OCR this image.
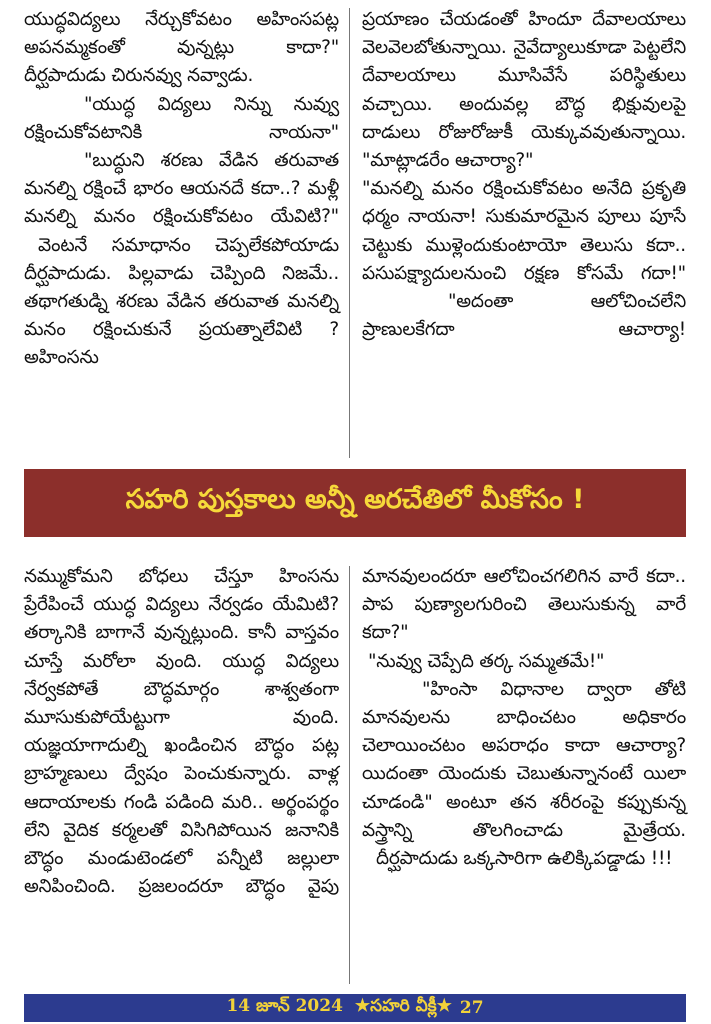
యుద్ధవిద్యలు నేర్చుకోవటం అహింసపట్ల అపనమ్మకంతో వున్నట్లు కాదా?"

దీర్ఘపాదుడు చిరునవ్వు నవ్వాడు.

"యుద్ధ విద్యలు నిన్ను నువ్వు రక్షించుకోవటానికి నాయనా"

"బుద్ధుని శరణు వేడిన తరువాత మనల్ని రక్షించే భారం ఆయనదే కదా..? మళ్లీ మనల్ని మనం రక్షించుకోవటం యేవిటి?"

వెంటనే సమాధానం చెప్పలేకపోయాడు దీర్ఘపాదుడు. పిల్లవాడు చెప్పింది నిజమే.. తథాగతుడ్ని శరణు వేడిన తరువాత మనల్ని మనం రక్షించుకునే ప్రయత్నాలేవిటి ? అహింసను

ప్రయాణం చేయడంతో హిందూ దేవాలయాలు వెలవెలబోతున్నాయి. నైవేద్యాలుకూడా పెట్టలేని దేవాలయాలు మూసివేసే పరిస్థితులు వచ్చాయి. అందువల్ల బౌద్ధ భిక్షువులపై దాడులు రోజురోజుకీ యెక్కువవుతున్నాయి.

"మాట్లాడరేం ఆచార్యా?"

"మనల్ని మనం రక్షించుకోవటం అనేది ప్రకృతి ధర్మం నాయనా! సుకుమారమైన పూలు పూసే చెట్టుకు ముళ్లెందుకుంటాయో తెలుసు కదా.. పసుపక్ష్యాదులనుంచి రక్షణ కోసమే గదా!"

"అదంతా ఆలోచించలేని ప్రాణులకేగదా ఆచార్యా!

సహరి పుస్తకాలు అన్నీ అరచేతిలో మీకోసం !

నమ్ముకోమని బోధలు చేస్తూ హింసను ప్రేరేపించే యుద్ధ విద్యలు నేర్వడం యేమిటి? తర్కానికి బాగానే వున్నట్లుంది. కానీ వాస్తవం చూస్తే మరోలా వుంది. యుద్ధ విద్యలు నేర్వకపోతే బౌద్ధమార్గం శాశ్వతంగా మూసుకుపోయేట్టుగా వుంది. యజ్ఞయాగాదుల్ని ఖండించిన బౌద్ధం పట్ల బ్రాహ్మణులు ద్వేషం పెంచుకున్నారు. వాళ్ల ఆదాయాలకు గండి పడింది మరి.. అర్థంపర్థం లేని వైదిక కర్మలతో విసిగిపోయిన జనానికి బౌద్ధం మండుటెండలో పన్నీటి జల్లులా అనిపించింది. ప్రజలందరూ బౌద్ధం వైపు

మానవులందరూ ఆలోచించగలిగిన వారే కదా.. పాప పుణ్యాలగురించి తెలుసుకున్న వారే కదా?"

"నువ్వు చెప్పేది తర్క సమ్మతమే!"

"హింసా విధానాల ద్వారా తోటి మానవులను బాధించటం అధికారం చెలాయించటం అపరాధం కాదా ఆచార్యా? యిదంతా యెందుకు చెబుతున్నానంటే యిలా చూడండి" అంటూ తన శరీరంపై కప్పుకున్న వస్త్రాన్ని తొలగించాడు మైత్రేయ.

దీర్ఘపాదుడు ఒక్కసారిగా ఉలిక్కిపడ్డాడు !!!

14 జూన్ 2024 ★సహరి వీక్లీ★ 27
